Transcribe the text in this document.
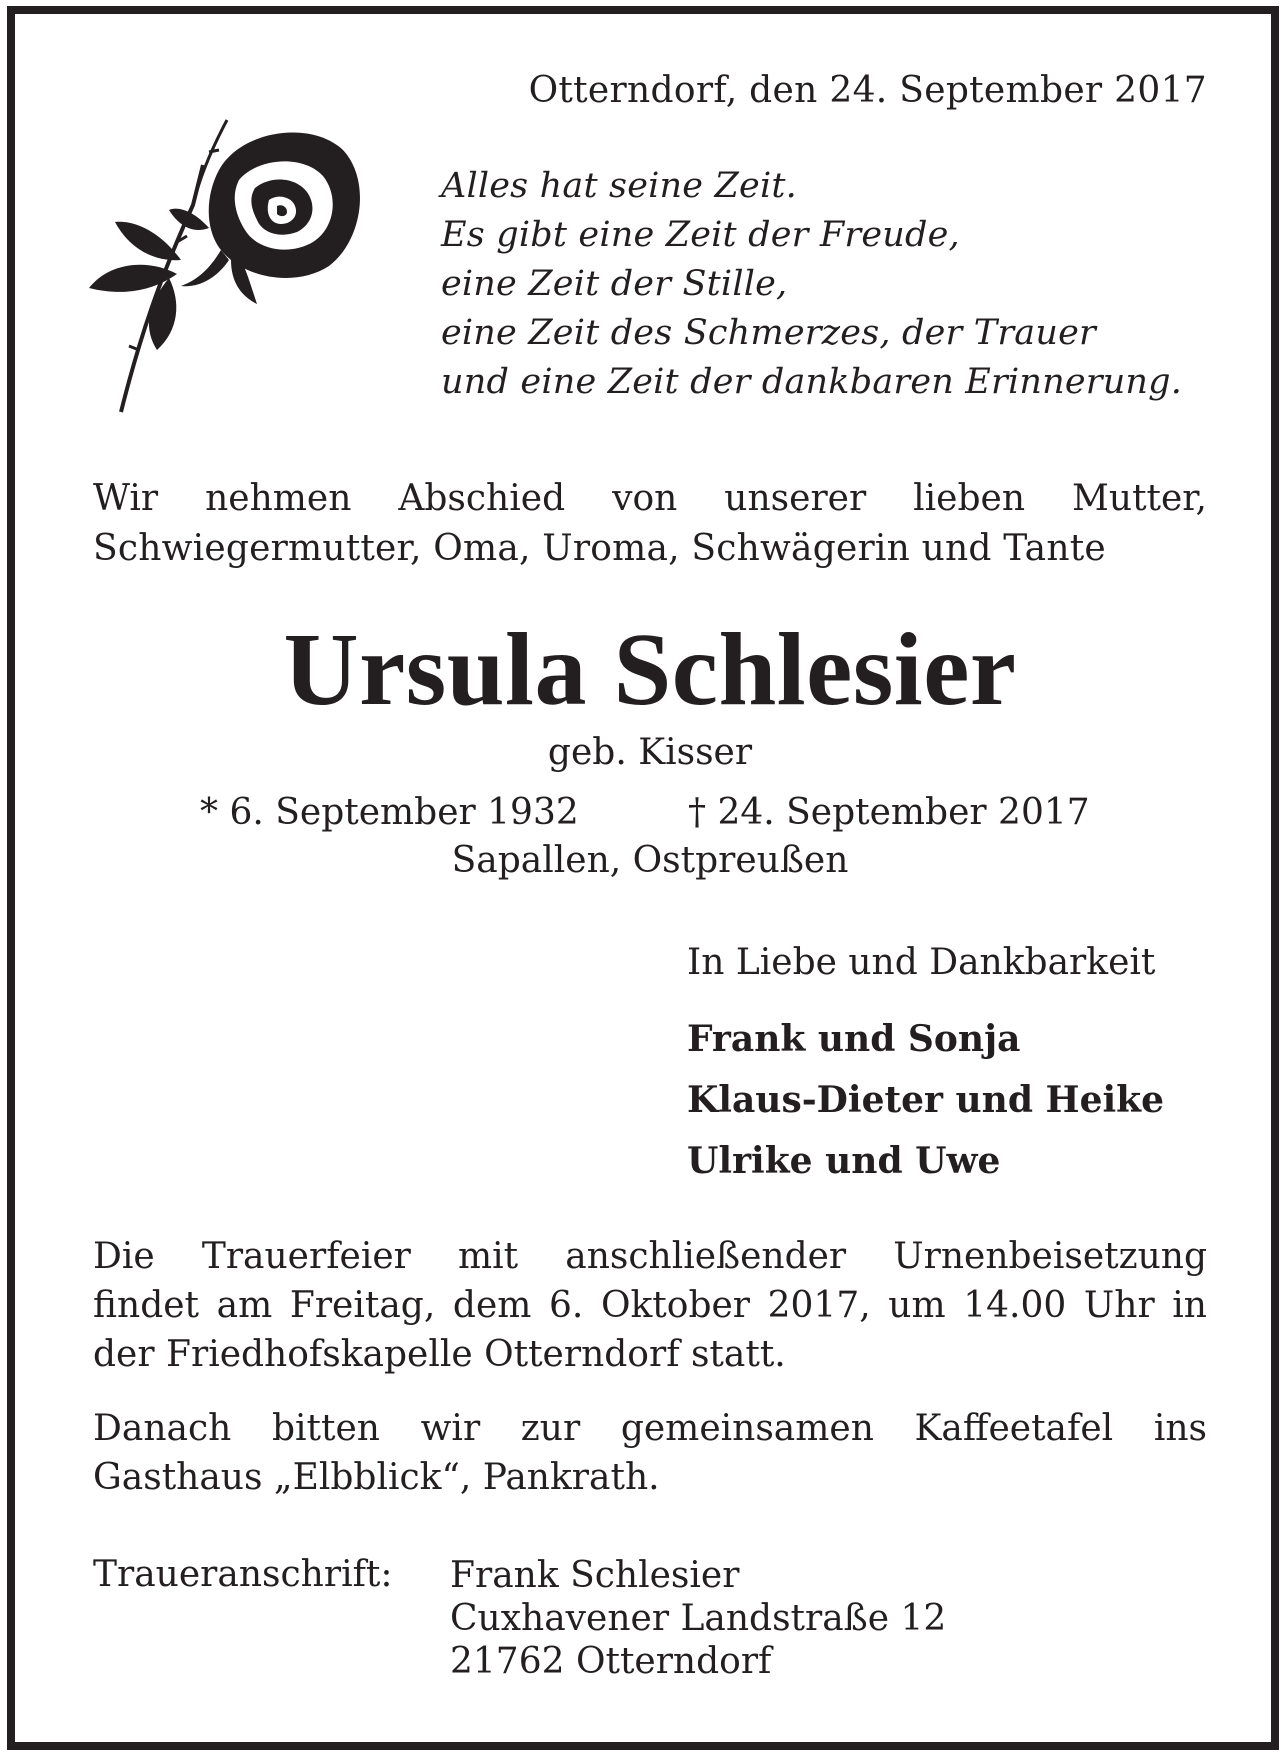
Otterndorf, den 24. September 2017
Alles hat seine Zeit.
Es gibt eine Zeit der Freude,
eine Zeit der Stille,
eine Zeit des Schmerzes, der Trauer
und eine Zeit der dankbaren Erinnerung.
Wir nehmen Abschied von unserer lieben Mutter,
Schwiegermutter, Oma, Uroma, Schwägerin und Tante
Ursula Schlesier
geb. Kisser
* 6. September 1932	† 24. September 2017
Sapallen, Ostpreußen
In Liebe und Dankbarkeit
Frank und Sonja
Klaus-Dieter und Heike
Ulrike und Uwe
Die Trauerfeier mit anschließender Urnenbeisetzung
findet am Freitag, dem 6. Oktober 2017, um 14.00 Uhr in
der Friedhofskapelle Otterndorf statt.
Danach bitten wir zur gemeinsamen Kaffeetafel ins
Gasthaus „Elbblick“, Pankrath.
Traueranschrift: Frank Schlesier
Cuxhavener Landstraße 12
21762 Otterndorf
